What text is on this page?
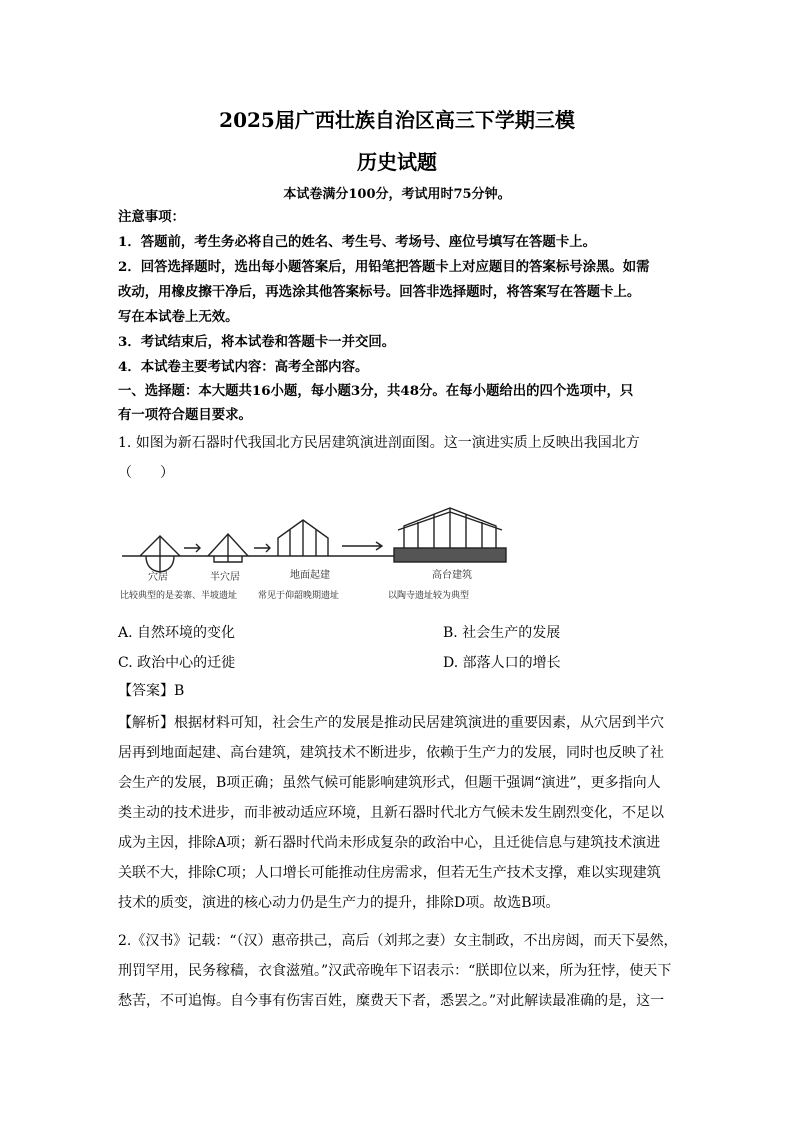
2025届广西壮族自治区高三下学期三模
历史试题
本试卷满分100分，考试用时75分钟。
注意事项：
1．答题前，考生务必将自己的姓名、考生号、考场号、座位号填写在答题卡上。
2．回答选择题时，选出每小题答案后，用铅笔把答题卡上对应题目的答案标号涂黑。如需
改动，用橡皮擦干净后，再选涂其他答案标号。回答非选择题时，将答案写在答题卡上。
写在本试卷上无效。
3．考试结束后，将本试卷和答题卡一并交回。
4．本试卷主要考试内容：高考全部内容。
一、选择题：本大题共16小题，每小题3分，共48分。在每小题给出的四个选项中，只
有一项符合题目要求。
1. 如图为新石器时代我国北方民居建筑演进剖面图。这一演进实质上反映出我国北方
（　　）
穴居	半穴居	地面起建	高台建筑
比较典型的是姜寨、半坡遗址 常见于仰韶晚期遗址	以陶寺遗址较为典型
A. 自然环境的变化	B. 社会生产的发展
C. 政治中心的迁徙	D. 部落人口的增长
【答案】B
【解析】根据材料可知，社会生产的发展是推动民居建筑演进的重要因素，从穴居到半穴
居再到地面起建、高台建筑，建筑技术不断进步，依赖于生产力的发展，同时也反映了社
会生产的发展，B项正确；虽然气候可能影响建筑形式，但题干强调“演进”，更多指向人
类主动的技术进步，而非被动适应环境，且新石器时代北方气候未发生剧烈变化，不足以
成为主因，排除A项；新石器时代尚未形成复杂的政治中心，且迁徙信息与建筑技术演进
关联不大，排除C项；人口增长可能推动住房需求，但若无生产技术支撑，难以实现建筑
技术的质变，演进的核心动力仍是生产力的提升，排除D项。故选B项。
2.《汉书》记载：“（汉）惠帝拱己，高后（刘邦之妻）女主制政，不出房闼，而天下晏然，
刑罚罕用，民务稼穑，衣食滋殖。”汉武帝晚年下诏表示：“朕即位以来，所为狂悖，使天下
愁苦，不可追悔。自今事有伤害百姓，糜费天下者，悉罢之。”对此解读最准确的是，这一
